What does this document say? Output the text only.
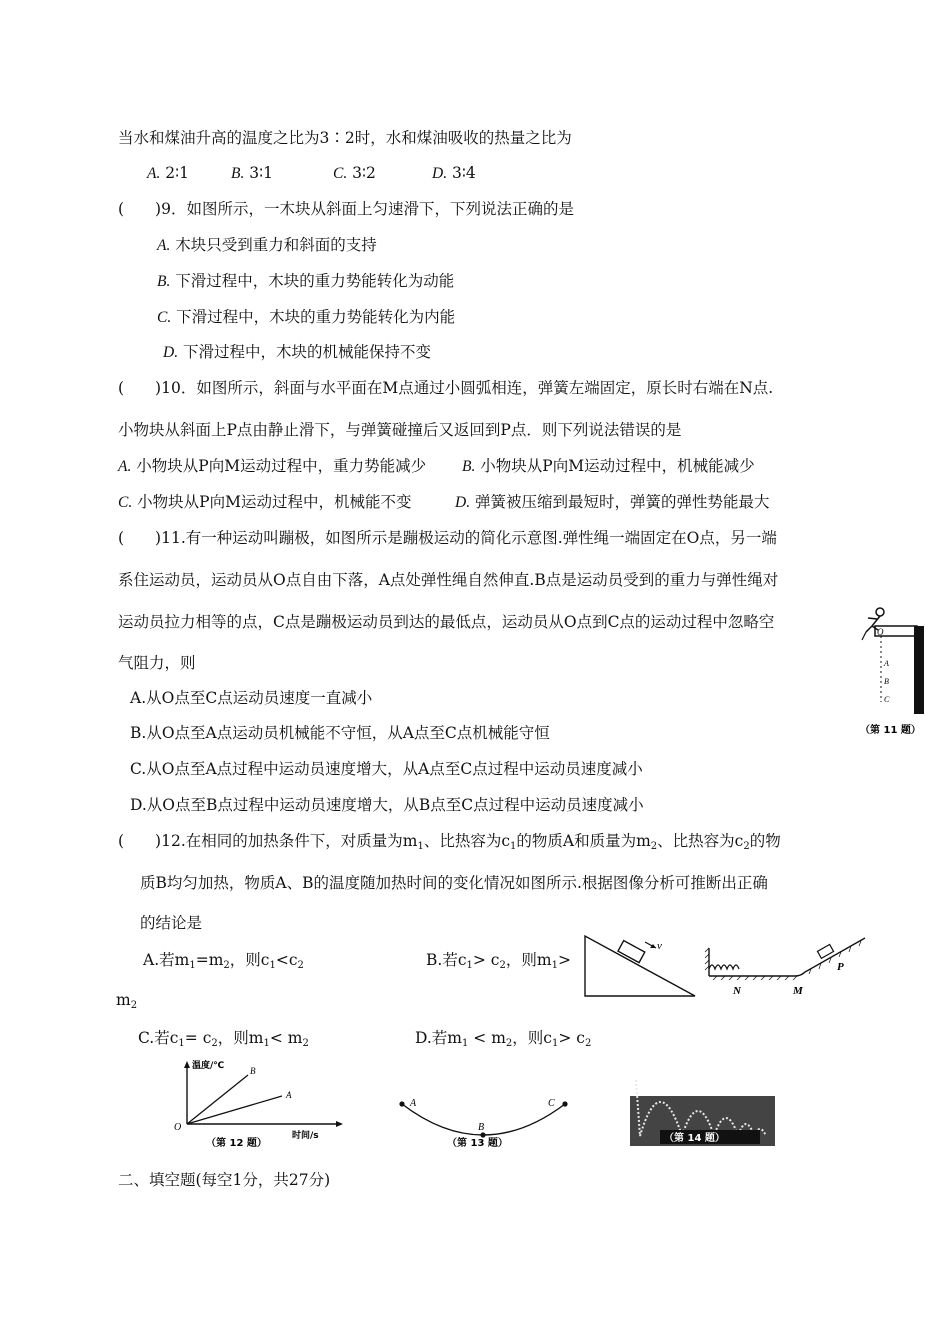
当水和煤油升高的温度之比为3∶2时，水和煤油吸收的热量之比为
A. 2∶1	B. 3∶1	C. 3∶2	D. 3∶4
(　　)9．如图所示，一木块从斜面上匀速滑下，下列说法正确的是
A. 木块只受到重力和斜面的支持
B. 下滑过程中，木块的重力势能转化为动能
C. 下滑过程中，木块的重力势能转化为内能
D. 下滑过程中，木块的机械能保持不变
(　　)10．如图所示，斜面与水平面在M点通过小圆弧相连，弹簧左端固定，原长时右端在N点.
小物块从斜面上P点由静止滑下，与弹簧碰撞后又返回到P点．则下列说法错误的是
A. 小物块从P向M运动过程中，重力势能减少 B. 小物块从P向M运动过程中，机械能减少
C. 小物块从P向M运动过程中，机械能不变	D. 弹簧被压缩到最短时，弹簧的弹性势能最大
(　　)11.有一种运动叫蹦极，如图所示是蹦极运动的简化示意图.弹性绳一端固定在O点，另一端
系住运动员，运动员从O点自由下落，A点处弹性绳自然伸直.B点是运动员受到的重力与弹性绳对
运动员拉力相等的点，C点是蹦极运动员到达的最低点，运动员从O点到C点的运动过程中忽略空
气阻力，则
A.从O点至C点运动员速度一直减小
B.从O点至A点运动员机械能不守恒，从A点至C点机械能守恒
C.从O点至A点过程中运动员速度增大，从A点至C点过程中运动员速度减小
D.从O点至B点过程中运动员速度增大，从B点至C点过程中运动员速度减小
O
A
B
C
（第 11 题）
(　　)12.在相同的加热条件下，对质量为$m_1$、比热容为$c_1$的物质A和质量为$m_2$、比热容为$c_2$的物
质B均匀加热，物质A、B的温度随加热时间的变化情况如图所示.根据图像分析可推断出正确
的结论是
A.若$m_1=m_2$，则$c_1<c_2$	B.若$c_1> c_2$，则$m_1>$
$m_2$
C.若$c_1= c_2$，则$m_1< m_2$	D.若$m_1 < m_2$，则$c_1> c_2$
v
N	M
P
温度/℃
时间/s
O
A
B
（第 12 题）
A
B
C
（第 13 题）	（第 14 题）
二、填空题(每空1分，共27分)
